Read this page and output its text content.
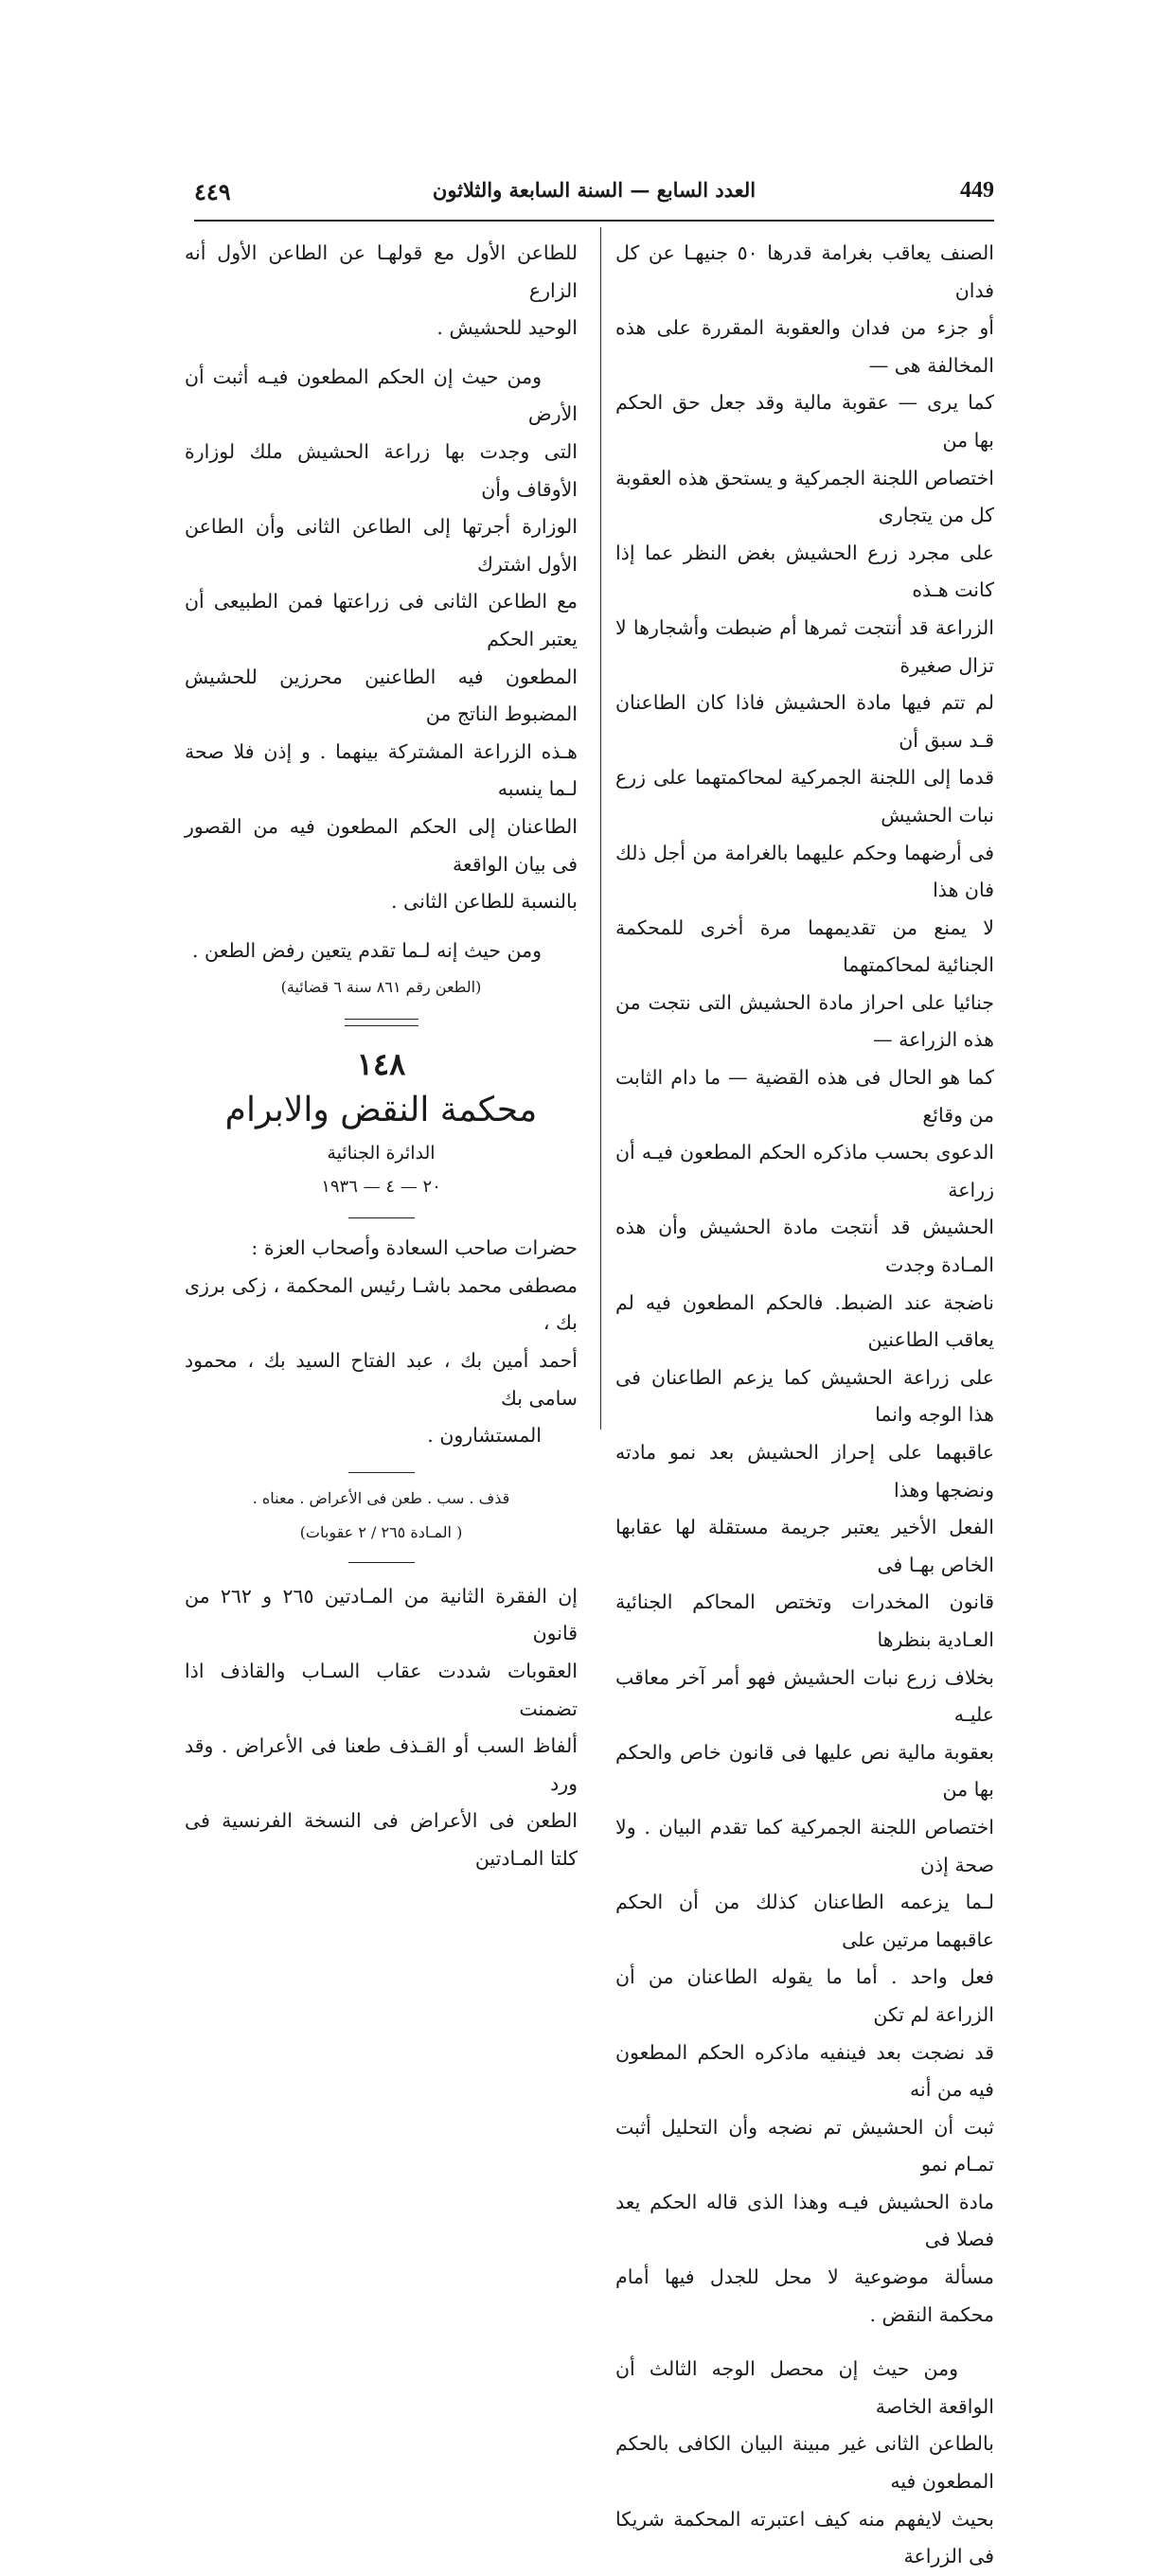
٤٤٩	العدد السابع — السنة السابعة والثلاثون	449

الصنف يعاقب بغرامة قدرها ٥٠ جنيهـا عن كل فدان

أو جزء من فدان والعقوبة المقررة على هذه المخالفة هى —

كما يرى — عقوبة مالية وقد جعل حق الحكم بها من

اختصاص اللجنة الجمركية و يستحق هذه العقوبة كل من يتجارى

على مجرد زرع الحشيش بغض النظر عما إذا كانت هـذه

الزراعة قد أنتجت ثمرها أم ضبطت وأشجارها لا تزال صغيرة

لم تتم فيها مادة الحشيش فاذا كان الطاعنان قـد سبق أن

قدما إلى اللجنة الجمركية لمحاكمتهما على زرع نبات الحشيش

فى أرضهما وحكم عليهما بالغرامة من أجل ذلك فان هذا

لا يمنع من تقديمهما مرة أخرى للمحكمة الجنائية لمحاكمتهما

جنائيا على احراز مادة الحشيش التى نتجت من هذه الزراعة —

كما هو الحال فى هذه القضية — ما دام الثابت من وقائع

الدعوى بحسب ماذكره الحكم المطعون فيـه أن زراعة

الحشيش قد أنتجت مادة الحشيش وأن هذه المـادة وجدت

ناضجة عند الضبط. فالحكم المطعون فيه لم يعاقب الطاعنين

على زراعة الحشيش كما يزعم الطاعنان فى هذا الوجه وانما

عاقبهما على إحراز الحشيش بعد نمو مادته ونضجها وهذا

الفعل الأخير يعتبر جريمة مستقلة لها عقابها الخاص بهـا فى

قانون المخدرات وتختص المحاكم الجنائية العـادية بنظرها

بخلاف زرع نبات الحشيش فهو أمر آخر معاقب عليـه

بعقوبة مالية نص عليها فى قانون خاص والحكم بها من

اختصاص اللجنة الجمركية كما تقدم البيان . ولا صحة إذن

لـما يزعمه الطاعنان كذلك من أن الحكم عاقبهما مرتين على

فعل واحد . أما ما يقوله الطاعنان من أن الزراعة لم تكن

قد نضجت بعد فينفيه ماذكره الحكم المطعون فيه من أنه

ثبت أن الحشيش تم نضجه وأن التحليل أثبت تمـام نمو

مادة الحشيش فيـه وهذا الذى قاله الحكم يعد فصلا فى

مسألة موضوعية لا محل للجدل فيها أمام محكمة النقض .

ومن حيث إن محصل الوجه الثالث أن الواقعة الخاصة

بالطاعن الثانى غير مبينة البيان الكافى بالحكم المطعون فيه

بحيث لايفهم منه كيف اعتبرته المحكمة شريكا فى الزراعة

للطاعن الأول مع قولهـا عن الطاعن الأول أنه الزارع

الوحيد للحشيش .

ومن حيث إن الحكم المطعون فيـه أثبت أن الأرض

التى وجدت بها زراعة الحشيش ملك لوزارة الأوقاف وأن

الوزارة أجرتها إلى الطاعن الثانى وأن الطاعن الأول اشترك

مع الطاعن الثانى فى زراعتها فمن الطبيعى أن يعتبر الحكم

المطعون فيه الطاعنين محرزين للحشيش المضبوط الناتج من

هـذه الزراعة المشتركة بينهما . و إذن فلا صحة لـما ينسبه

الطاعنان إلى الحكم المطعون فيه من القصور فى بيان الواقعة

بالنسبة للطاعن الثانى .

ومن حيث إنه لـما تقدم يتعين رفض الطعن .

(الطعن رقم ٨٦١ سنة ٦ قضائية)

١٤٨

محكمة النقض والابرام

الدائرة الجنائية

٢٠ — ٤ — ١٩٣٦

حضرات صاحب السعادة وأصحاب العزة :

مصطفى محمد باشـا رئيس المحكمة ، زكى برزى بك ،

أحمد أمين بك ، عبد الفتاح السيد بك ، محمود سامى بك

المستشارون .

قذف . سب . طعن فى الأعراض . معناه .

( المـادة ٢٦٥ / ٢ عقوبات)

إن الفقرة الثانية من المـادتين ٢٦٥ و ٢٦٢ من قانون

العقوبات شددت عقاب السـاب والقاذف اذا تضمنت

ألفاظ السب أو القـذف طعنا فى الأعراض . وقد ورد

الطعن فى الأعراض فى النسخة الفرنسية فى كلتا المـادتين
